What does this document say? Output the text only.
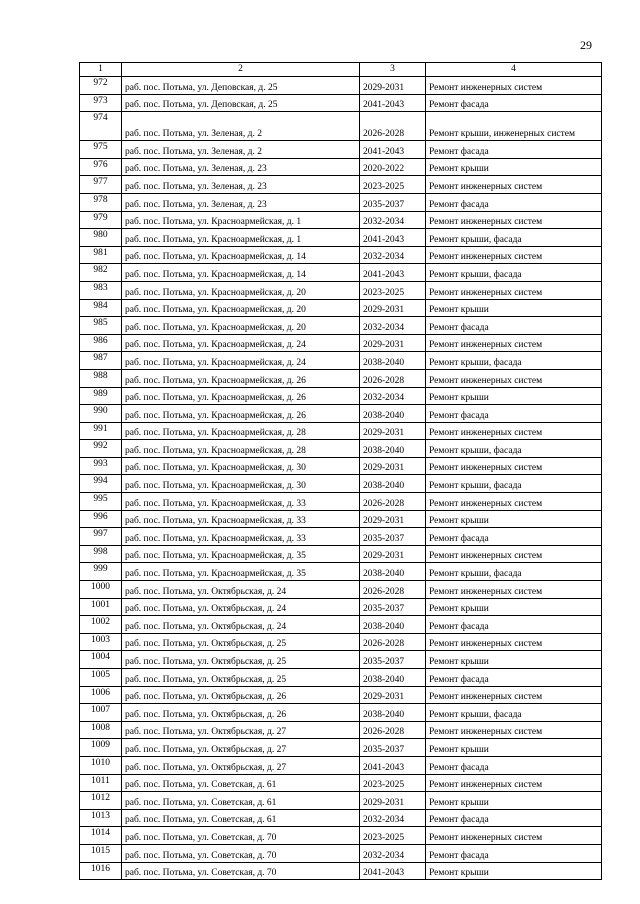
29
1	2	3	4
972	раб. пос. Потьма, ул. Деповская, д. 25	2029-2031	Ремонт инженерных систем
973	раб. пос. Потьма, ул. Деповская, д. 25	2041-2043	Ремонт фасада
974	раб. пос. Потьма, ул. Зеленая, д. 2	2026-2028	Ремонт крыши, инженерных систем
975	раб. пос. Потьма, ул. Зеленая, д. 2	2041-2043	Ремонт фасада
976	раб. пос. Потьма, ул. Зеленая, д. 23	2020-2022	Ремонт крыши
977	раб. пос. Потьма, ул. Зеленая, д. 23	2023-2025	Ремонт инженерных систем
978	раб. пос. Потьма, ул. Зеленая, д. 23	2035-2037	Ремонт фасада
979	раб. пос. Потьма, ул. Красноармейская, д. 1	2032-2034	Ремонт инженерных систем
980	раб. пос. Потьма, ул. Красноармейская, д. 1	2041-2043	Ремонт крыши, фасада
981	раб. пос. Потьма, ул. Красноармейская, д. 14	2032-2034	Ремонт инженерных систем
982	раб. пос. Потьма, ул. Красноармейская, д. 14	2041-2043	Ремонт крыши, фасада
983	раб. пос. Потьма, ул. Красноармейская, д. 20	2023-2025	Ремонт инженерных систем
984	раб. пос. Потьма, ул. Красноармейская, д. 20	2029-2031	Ремонт крыши
985	раб. пос. Потьма, ул. Красноармейская, д. 20	2032-2034	Ремонт фасада
986	раб. пос. Потьма, ул. Красноармейская, д. 24	2029-2031	Ремонт инженерных систем
987	раб. пос. Потьма, ул. Красноармейская, д. 24	2038-2040	Ремонт крыши, фасада
988	раб. пос. Потьма, ул. Красноармейская, д. 26	2026-2028	Ремонт инженерных систем
989	раб. пос. Потьма, ул. Красноармейская, д. 26	2032-2034	Ремонт крыши
990	раб. пос. Потьма, ул. Красноармейская, д. 26	2038-2040	Ремонт фасада
991	раб. пос. Потьма, ул. Красноармейская, д. 28	2029-2031	Ремонт инженерных систем
992	раб. пос. Потьма, ул. Красноармейская, д. 28	2038-2040	Ремонт крыши, фасада
993	раб. пос. Потьма, ул. Красноармейская, д. 30	2029-2031	Ремонт инженерных систем
994	раб. пос. Потьма, ул. Красноармейская, д. 30	2038-2040	Ремонт крыши, фасада
995	раб. пос. Потьма, ул. Красноармейская, д. 33	2026-2028	Ремонт инженерных систем
996	раб. пос. Потьма, ул. Красноармейская, д. 33	2029-2031	Ремонт крыши
997	раб. пос. Потьма, ул. Красноармейская, д. 33	2035-2037	Ремонт фасада
998	раб. пос. Потьма, ул. Красноармейская, д. 35	2029-2031	Ремонт инженерных систем
999	раб. пос. Потьма, ул. Красноармейская, д. 35	2038-2040	Ремонт крыши, фасада
1000	раб. пос. Потьма, ул. Октябрьская, д. 24	2026-2028	Ремонт инженерных систем
1001	раб. пос. Потьма, ул. Октябрьская, д. 24	2035-2037	Ремонт крыши
1002	раб. пос. Потьма, ул. Октябрьская, д. 24	2038-2040	Ремонт фасада
1003	раб. пос. Потьма, ул. Октябрьская, д. 25	2026-2028	Ремонт инженерных систем
1004	раб. пос. Потьма, ул. Октябрьская, д. 25	2035-2037	Ремонт крыши
1005	раб. пос. Потьма, ул. Октябрьская, д. 25	2038-2040	Ремонт фасада
1006	раб. пос. Потьма, ул. Октябрьская, д. 26	2029-2031	Ремонт инженерных систем
1007	раб. пос. Потьма, ул. Октябрьская, д. 26	2038-2040	Ремонт крыши, фасада
1008	раб. пос. Потьма, ул. Октябрьская, д. 27	2026-2028	Ремонт инженерных систем
1009	раб. пос. Потьма, ул. Октябрьская, д. 27	2035-2037	Ремонт крыши
1010	раб. пос. Потьма, ул. Октябрьская, д. 27	2041-2043	Ремонт фасада
1011	раб. пос. Потьма, ул. Советская, д. 61	2023-2025	Ремонт инженерных систем
1012	раб. пос. Потьма, ул. Советская, д. 61	2029-2031	Ремонт крыши
1013	раб. пос. Потьма, ул. Советская, д. 61	2032-2034	Ремонт фасада
1014	раб. пос. Потьма, ул. Советская, д. 70	2023-2025	Ремонт инженерных систем
1015	раб. пос. Потьма, ул. Советская, д. 70	2032-2034	Ремонт фасада
1016	раб. пос. Потьма, ул. Советская, д. 70	2041-2043	Ремонт крыши
